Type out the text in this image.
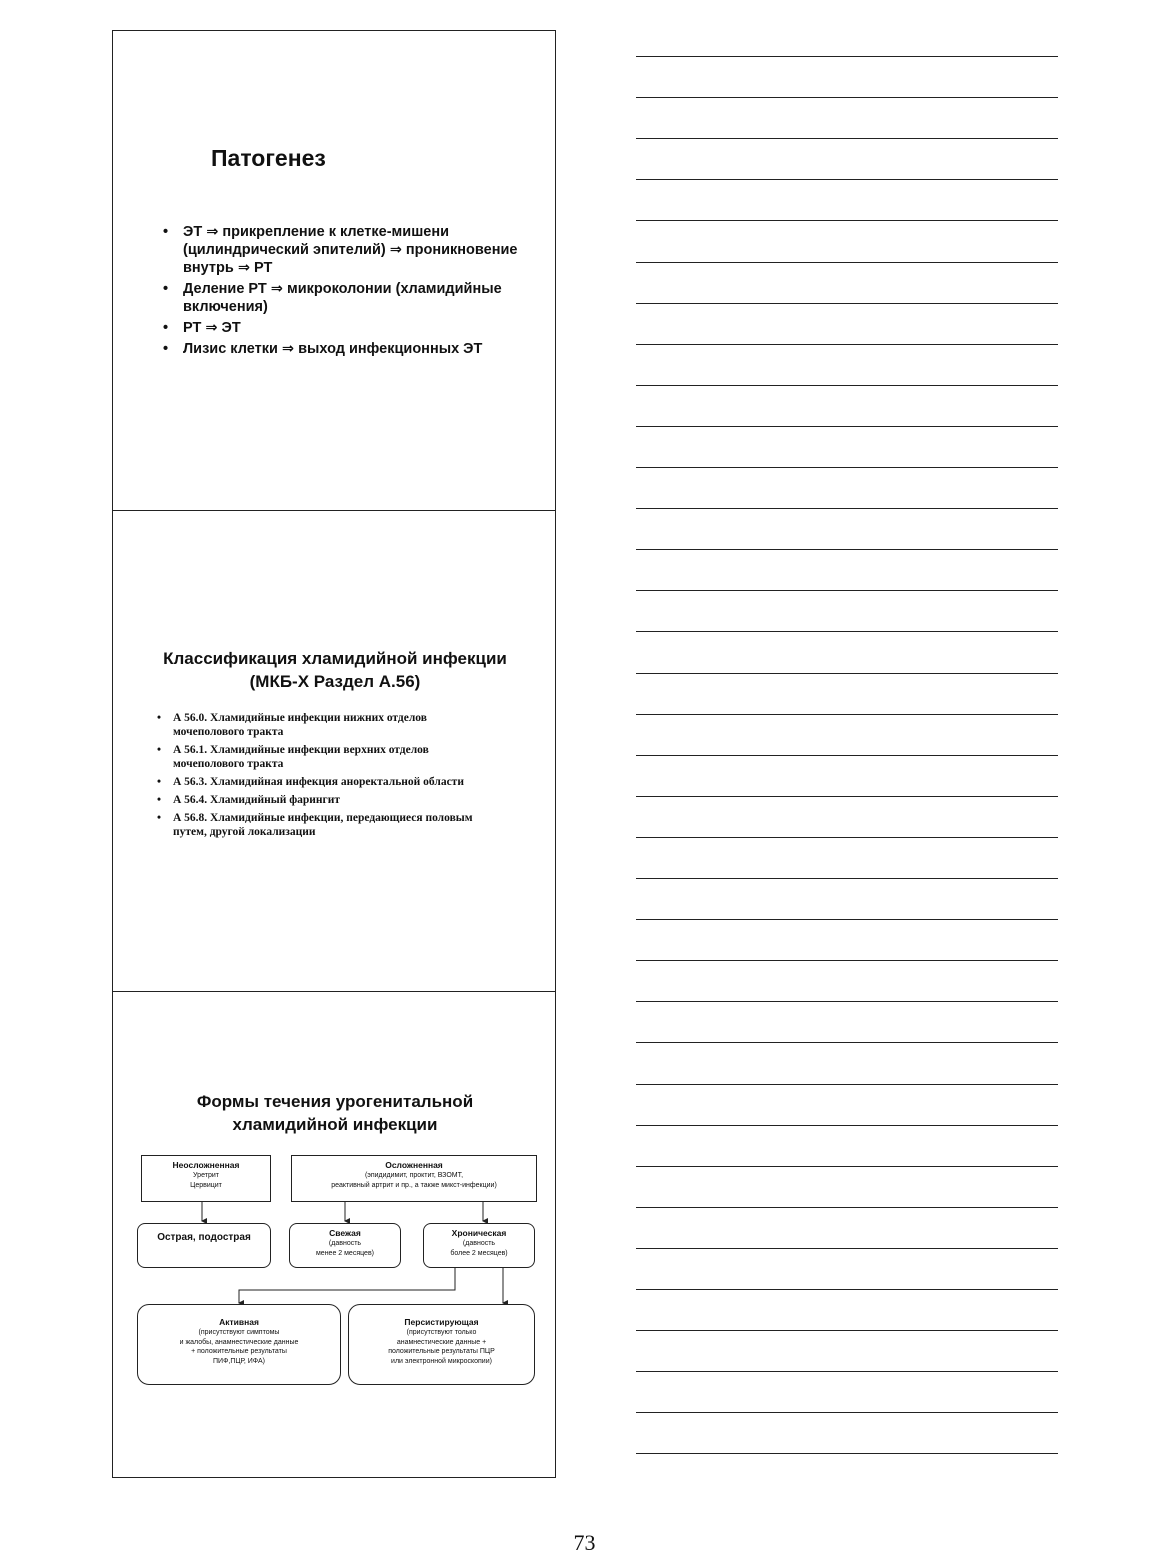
Патогенез
• ЭТ ⇒ прикрепление к клетке-мишени (цилиндрический эпителий) ⇒ проникновение внутрь ⇒ РТ
• Деление РТ ⇒ микроколонии (хламидийные включения)
• РТ ⇒ ЭТ
• Лизис клетки ⇒ выход инфекционных ЭТ
Классификация хламидийной инфекции (МКБ-Х Раздел А.56)
• А 56.0. Хламидийные инфекции нижних отделов мочеполового тракта
• А 56.1. Хламидийные инфекции верхних отделов мочеполового тракта
• А 56.3. Хламидийная инфекция аноректальной области
• А 56.4. Хламидийный фарингит
• А 56.8. Хламидийные инфекции, передающиеся половым путем, другой локализации
Формы течения урогенитальной хламидийной инфекции
Неосложненная
Уретрит
Цервицит
Осложненная
(эпидидимит, проктит, ВЗОМТ,
реактивный артрит и пр., а также микст-инфекции)
Острая, подострая	Свежая
(давность
менее 2 месяцев)
Хроническая
(давность
более 2 месяцев)
Активная
(присутствуют симптомы
и жалобы, анамнестические данные
+ положительные результаты
ПИФ,ПЦР, ИФА)
Персистирующая
(присутствуют только
анамнестические данные +
положительные результаты ПЦР
или электронной микроскопии)

73
